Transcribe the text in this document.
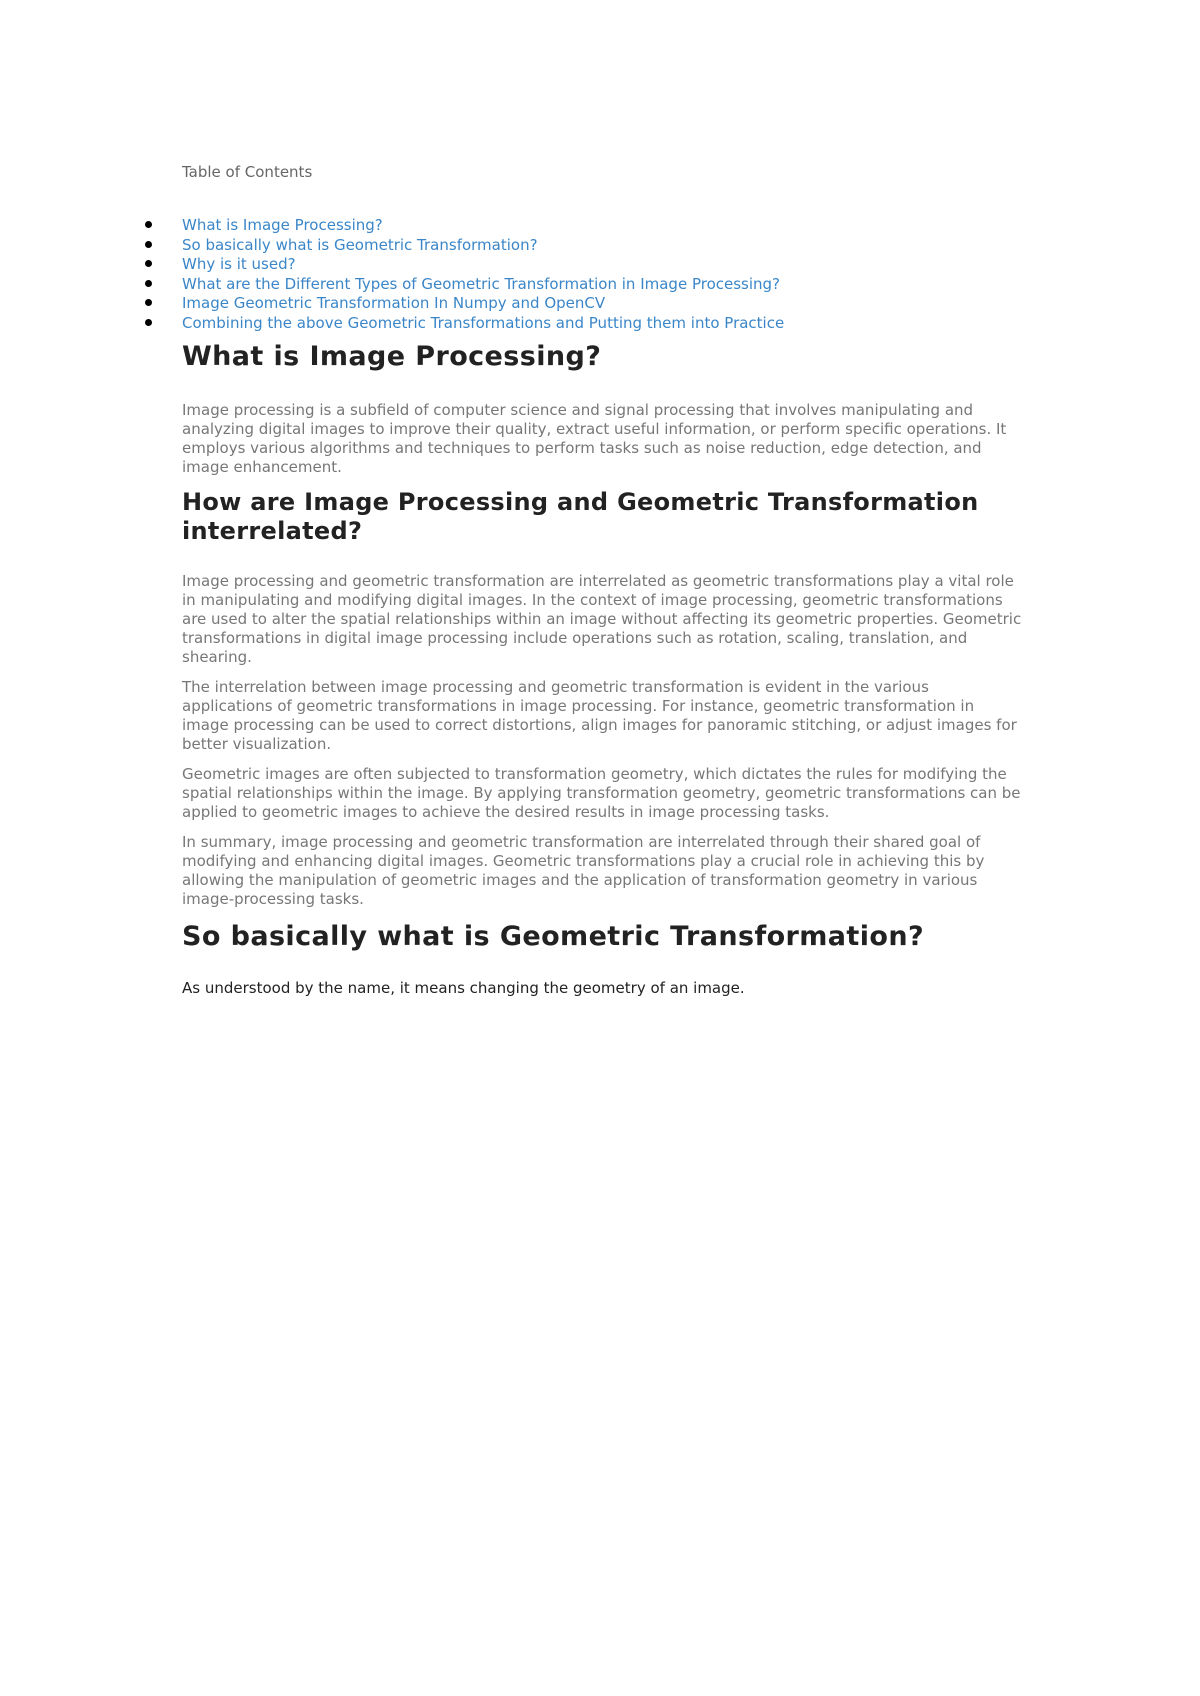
Table of Contents
What is Image Processing?
So basically what is Geometric Transformation?
Why is it used?
What are the Different Types of Geometric Transformation in Image Processing?
Image Geometric Transformation In Numpy and OpenCV
Combining the above Geometric Transformations and Putting them into Practice
What is Image Processing?

Image processing is a subfield of computer science and signal processing that involves manipulating and analyzing digital images to improve their quality, extract useful information, or perform specific operations. It employs various algorithms and techniques to perform tasks such as noise reduction, edge detection, and image enhancement.

How are Image Processing and Geometric Transformation interrelated?

Image processing and geometric transformation are interrelated as geometric transformations play a vital role in manipulating and modifying digital images. In the context of image processing, geometric transformations are used to alter the spatial relationships within an image without affecting its geometric properties. Geometric transformations in digital image processing include operations such as rotation, scaling, translation, and shearing.

The interrelation between image processing and geometric transformation is evident in the various applications of geometric transformations in image processing. For instance, geometric transformation in image processing can be used to correct distortions, align images for panoramic stitching, or adjust images for better visualization.

Geometric images are often subjected to transformation geometry, which dictates the rules for modifying the spatial relationships within the image. By applying transformation geometry, geometric transformations can be applied to geometric images to achieve the desired results in image processing tasks.

In summary, image processing and geometric transformation are interrelated through their shared goal of modifying and enhancing digital images. Geometric transformations play a crucial role in achieving this by allowing the manipulation of geometric images and the application of transformation geometry in various image-processing tasks.

So basically what is Geometric Transformation?

As understood by the name, it means changing the geometry of an image.
